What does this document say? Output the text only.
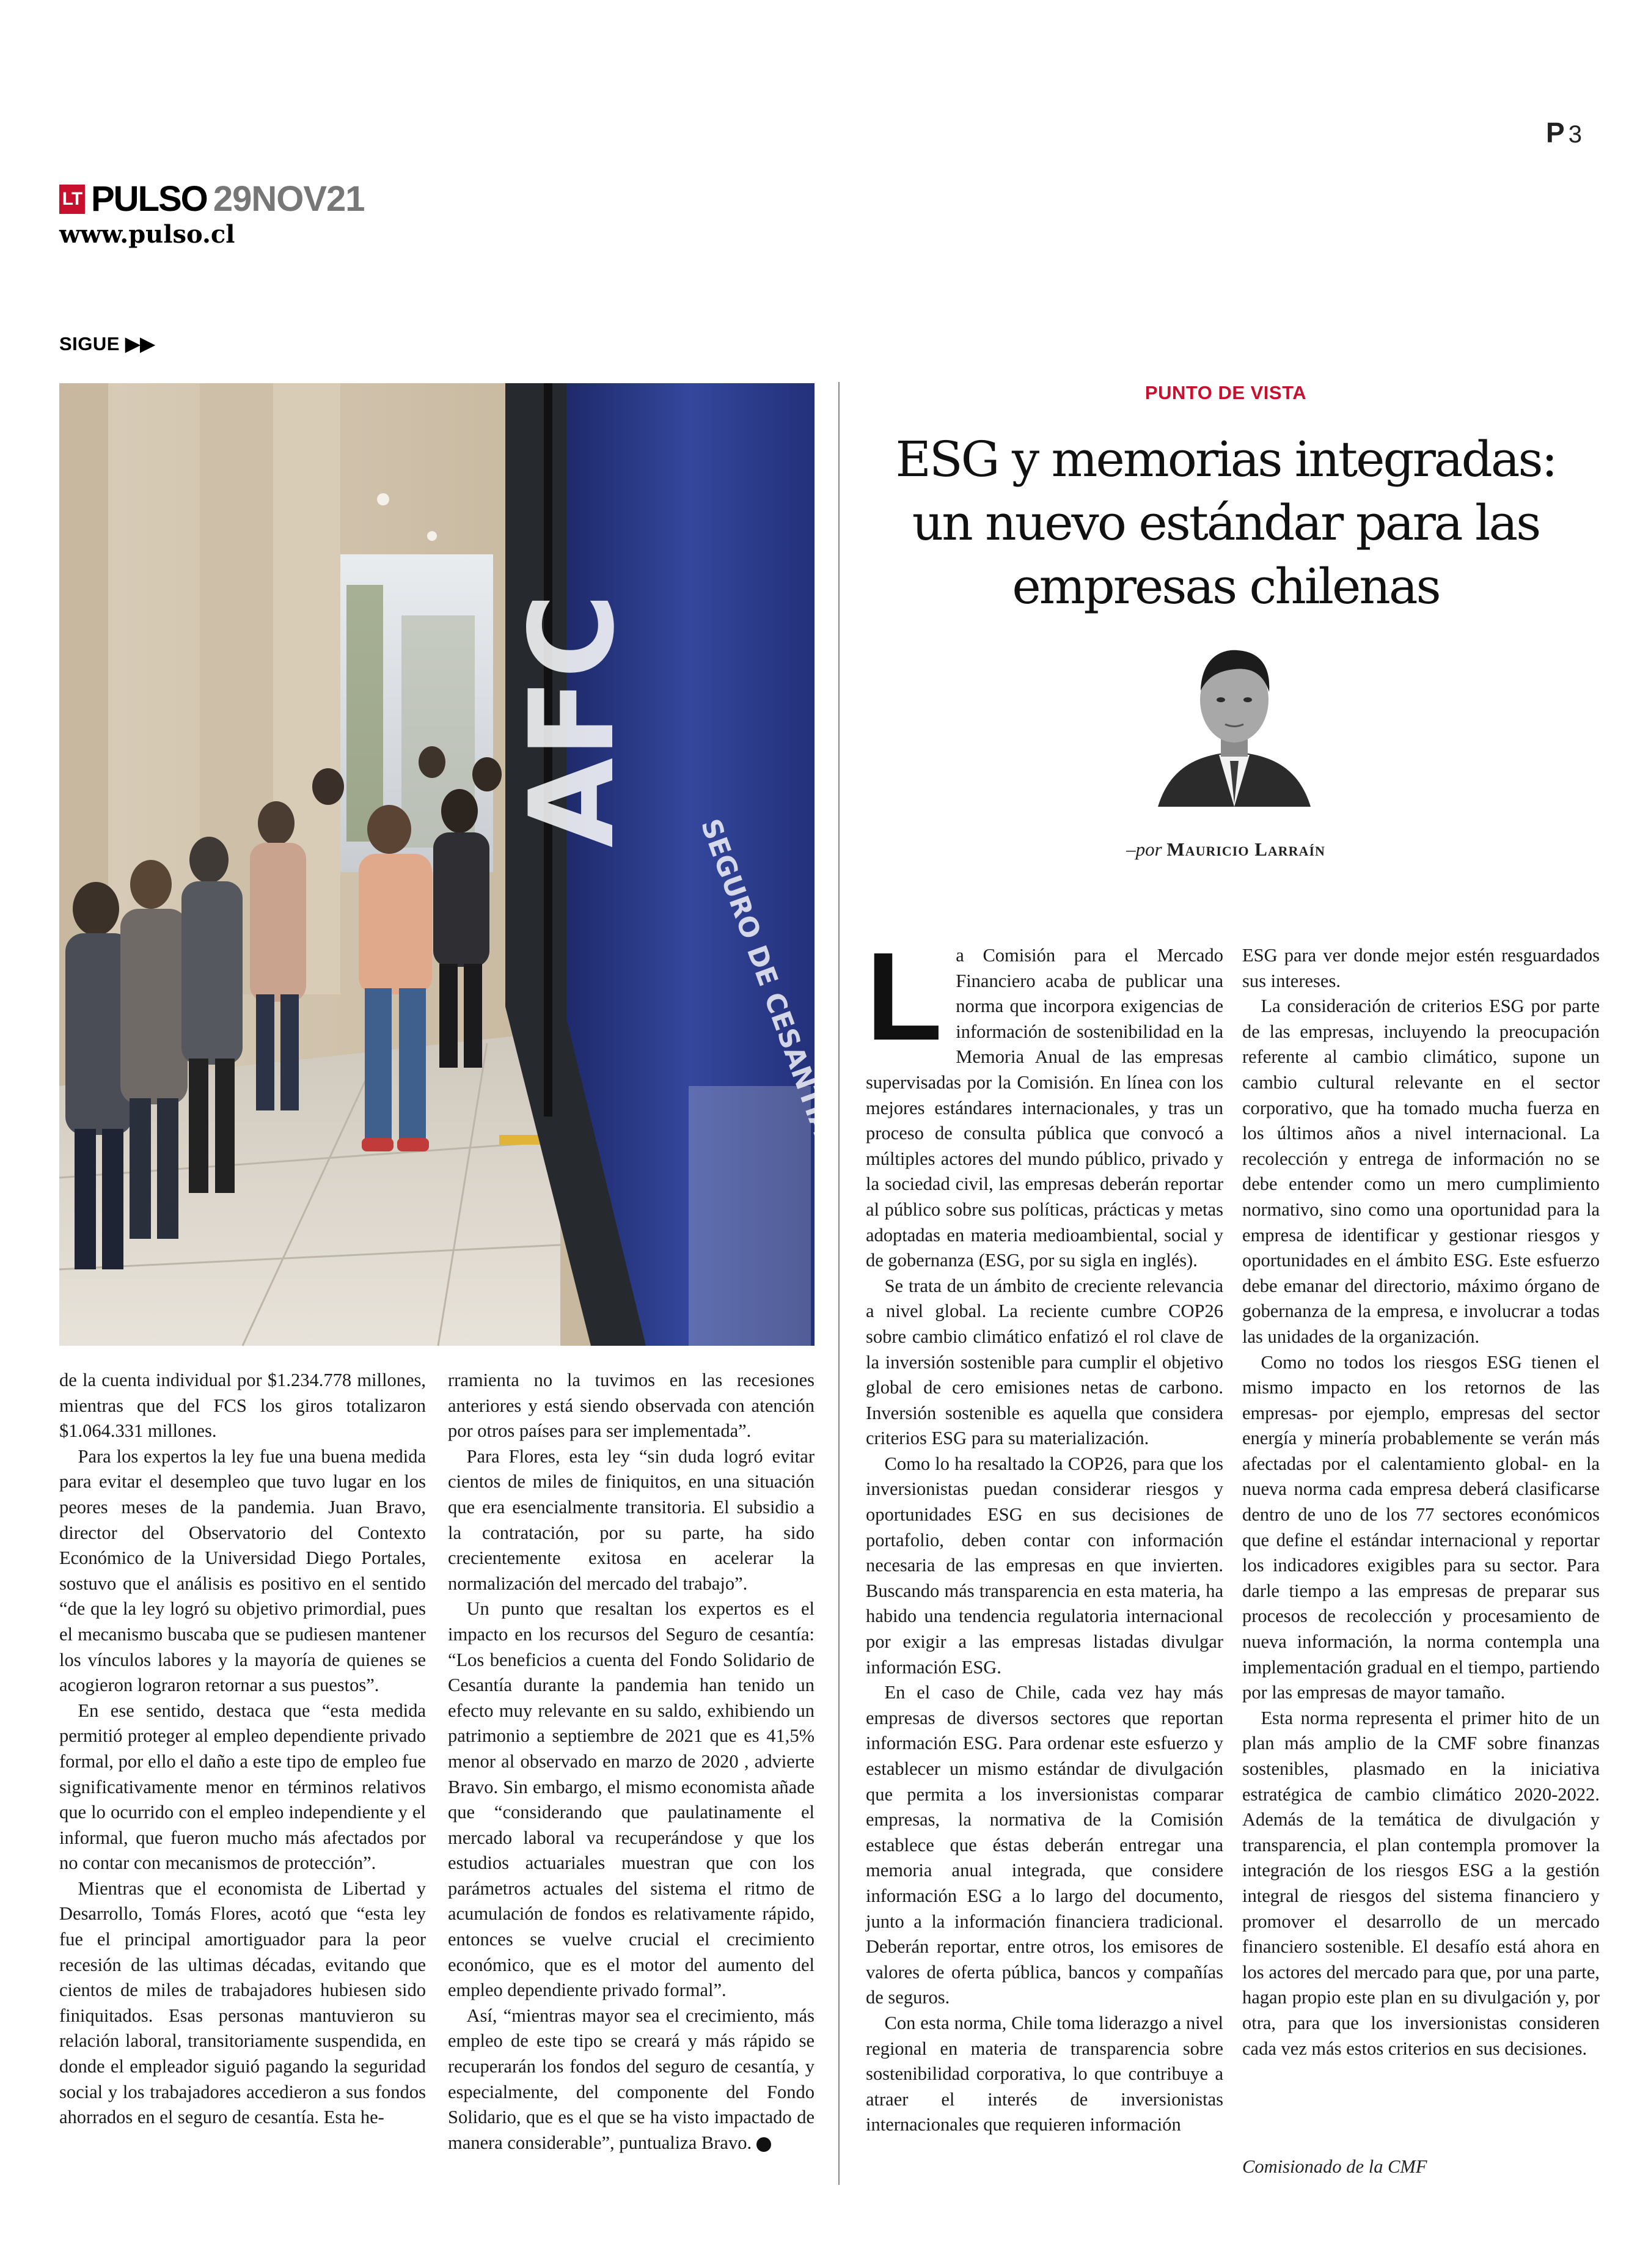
P 3
LT PULSO 29NOV21
www.pulso.cl
SIGUE ▶▶
AFC
SEGURO DE CESANTÍA
PUNTO DE VISTA
ESG y memorias integradas:
un nuevo estándar para las
empresas chilenas
–por Mauricio Larraín

de la cuenta individual por $1.234.778 millones, mientras que del FCS los giros totalizaron $1.064.331 millones.

Para los expertos la ley fue una buena medida para evitar el desempleo que tuvo lugar en los peores meses de la pandemia. Juan Bravo, director del Observatorio del Contexto Económico de la Universidad Diego Portales, sostuvo que el análisis es positivo en el sentido “de que la ley logró su objetivo primordial, pues el mecanismo buscaba que se pudiesen mantener los vínculos labores y la mayoría de quienes se acogieron lograron retornar a sus puestos”.

En ese sentido, destaca que “esta medida permitió proteger al empleo dependiente privado formal, por ello el daño a este tipo de empleo fue significativamente menor en términos relativos que lo ocurrido con el empleo independiente y el informal, que fueron mucho más afectados por no contar con mecanismos de protección”.

Mientras que el economista de Libertad y Desarrollo, Tomás Flores, acotó que “esta ley fue el principal amortiguador para la peor recesión de las ultimas décadas, evitando que cientos de miles de trabajadores hubiesen sido finiquitados. Esas personas mantuvieron su relación laboral, transitoriamente suspendida, en donde el empleador siguió pagando la seguridad social y los trabajadores accedieron a sus fondos ahorrados en el seguro de cesantía. Esta he-

rramienta no la tuvimos en las recesiones anteriores y está siendo observada con atención por otros países para ser implementada”.

Para Flores, esta ley “sin duda logró evitar cientos de miles de finiquitos, en una situación que era esencialmente transitoria. El subsidio a la contratación, por su parte, ha sido crecientemente exitosa en acelerar la normalización del mercado del trabajo”.

Un punto que resaltan los expertos es el impacto en los recursos del Seguro de cesantía: “Los beneficios a cuenta del Fondo Solidario de Cesantía durante la pandemia han tenido un efecto muy relevante en su saldo, exhibiendo un patrimonio a septiembre de 2021 que es 41,5% menor al observado en marzo de 2020 , advierte Bravo. Sin embargo, el mismo economista añade que “considerando que paulatinamente el mercado laboral va recuperándose y que los estudios actuariales muestran que con los parámetros actuales del sistema el ritmo de acumulación de fondos es relativamente rápido, entonces se vuelve crucial el crecimiento económico, que es el motor del aumento del empleo dependiente privado formal”.

Así, “mientras mayor sea el crecimiento, más empleo de este tipo se creará y más rápido se recuperarán los fondos del seguro de cesantía, y especialmente, del componente del Fondo Solidario, que es el que se ha visto impactado de manera considerable”, puntualiza Bravo. P

La Comisión para el Mercado Financiero acaba de publicar una norma que incorpora exigencias de información de sostenibilidad en la Memoria Anual de las empresas supervisadas por la Comisión. En línea con los mejores estándares internacionales, y tras un proceso de consulta pública que convocó a múltiples actores del mundo público, privado y la sociedad civil, las empresas deberán reportar al público sobre sus políticas, prácticas y metas adoptadas en materia medioambiental, social y de gobernanza (ESG, por su sigla en inglés).

Se trata de un ámbito de creciente relevancia a nivel global. La reciente cumbre COP26 sobre cambio climático enfatizó el rol clave de la inversión sostenible para cumplir el objetivo global de cero emisiones netas de carbono. Inversión sostenible es aquella que considera criterios ESG para su materialización.

Como lo ha resaltado la COP26, para que los inversionistas puedan considerar riesgos y oportunidades ESG en sus decisiones de portafolio, deben contar con información necesaria de las empresas en que invierten. Buscando más transparencia en esta materia, ha habido una tendencia regulatoria internacional por exigir a las empresas listadas divulgar información ESG.

En el caso de Chile, cada vez hay más empresas de diversos sectores que reportan información ESG. Para ordenar este esfuerzo y establecer un mismo estándar de divulgación que permita a los inversionistas comparar empresas, la normativa de la Comisión establece que éstas deberán entregar una memoria anual integrada, que considere información ESG a lo largo del documento, junto a la información financiera tradicional. Deberán reportar, entre otros, los emisores de valores de oferta pública, bancos y compañías de seguros.

Con esta norma, Chile toma liderazgo a nivel regional en materia de transparencia sobre sostenibilidad corporativa, lo que contribuye a atraer el interés de inversionistas internacionales que requieren información

ESG para ver donde mejor estén resguardados sus intereses.

La consideración de criterios ESG por parte de las empresas, incluyendo la preocupación referente al cambio climático, supone un cambio cultural relevante en el sector corporativo, que ha tomado mucha fuerza en los últimos años a nivel internacional. La recolección y entrega de información no se debe entender como un mero cumplimiento normativo, sino como una oportunidad para la empresa de identificar y gestionar riesgos y oportunidades en el ámbito ESG. Este esfuerzo debe emanar del directorio, máximo órgano de gobernanza de la empresa, e involucrar a todas las unidades de la organización.

Como no todos los riesgos ESG tienen el mismo impacto en los retornos de las empresas- por ejemplo, empresas del sector energía y minería probablemente se verán más afectadas por el calentamiento global- en la nueva norma cada empresa deberá clasificarse dentro de uno de los 77 sectores económicos que define el estándar internacional y reportar los indicadores exigibles para su sector. Para darle tiempo a las empresas de preparar sus procesos de recolección y procesamiento de nueva información, la norma contempla una implementación gradual en el tiempo, partiendo por las empresas de mayor tamaño.

Esta norma representa el primer hito de un plan más amplio de la CMF sobre finanzas sostenibles, plasmado en la iniciativa estratégica de cambio climático 2020-2022. Además de la temática de divulgación y transparencia, el plan contempla promover la integración de los riesgos ESG a la gestión integral de riesgos del sistema financiero y promover el desarrollo de un mercado financiero sostenible. El desafío está ahora en los actores del mercado para que, por una parte, hagan propio este plan en su divulgación y, por otra, para que los inversionistas consideren cada vez más estos criterios en sus decisiones.

Comisionado de la CMF
